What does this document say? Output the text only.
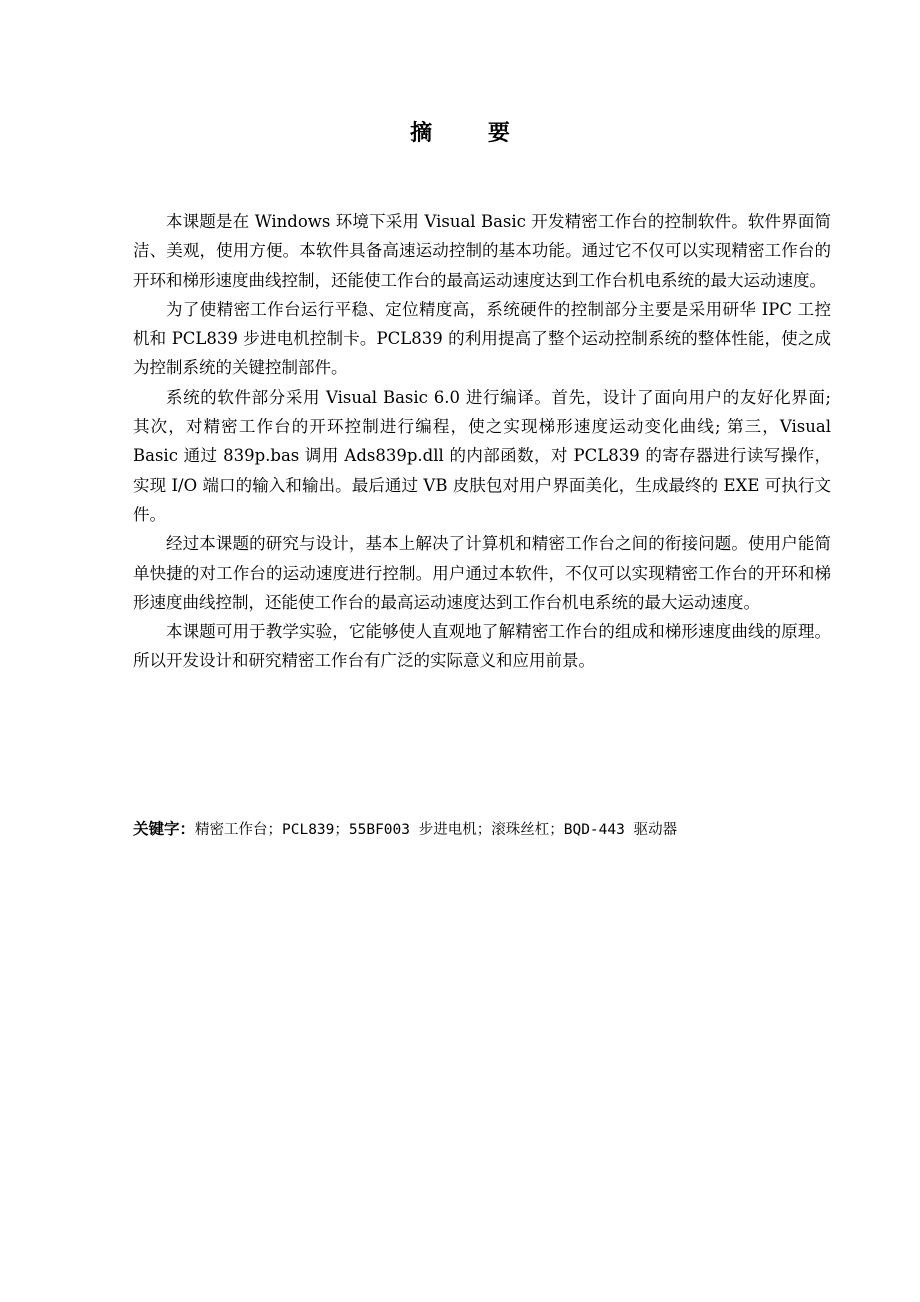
摘 要

本课题是在 Windows 环境下采用 Visual Basic 开发精密工作台的控制软件。软件界面简洁、美观，使用方便。本软件具备高速运动控制的基本功能。通过它不仅可以实现精密工作台的开环和梯形速度曲线控制，还能使工作台的最高运动速度达到工作台机电系统的最大运动速度。

为了使精密工作台运行平稳、定位精度高，系统硬件的控制部分主要是采用研华 IPC 工控机和 PCL839 步进电机控制卡。PCL839 的利用提高了整个运动控制系统的整体性能，使之成为控制系统的关键控制部件。

系统的软件部分采用 Visual Basic 6.0 进行编译。首先，设计了面向用户的友好化界面; 其次，对精密工作台的开环控制进行编程，使之实现梯形速度运动变化曲线; 第三，Visual Basic 通过 839p.bas 调用 Ads839p.dll 的内部函数，对 PCL839 的寄存器进行读写操作，实现 I/O 端口的输入和输出。最后通过 VB 皮肤包对用户界面美化，生成最终的 EXE 可执行文件。

经过本课题的研究与设计，基本上解决了计算机和精密工作台之间的衔接问题。使用户能简单快捷的对工作台的运动速度进行控制。用户通过本软件，不仅可以实现精密工作台的开环和梯形速度曲线控制，还能使工作台的最高运动速度达到工作台机电系统的最大运动速度。

本课题可用于教学实验，它能够使人直观地了解精密工作台的组成和梯形速度曲线的原理。所以开发设计和研究精密工作台有广泛的实际意义和应用前景。

关键字：精密工作台；PCL839；55BF003 步进电机；滚珠丝杠；BQD-443 驱动器
